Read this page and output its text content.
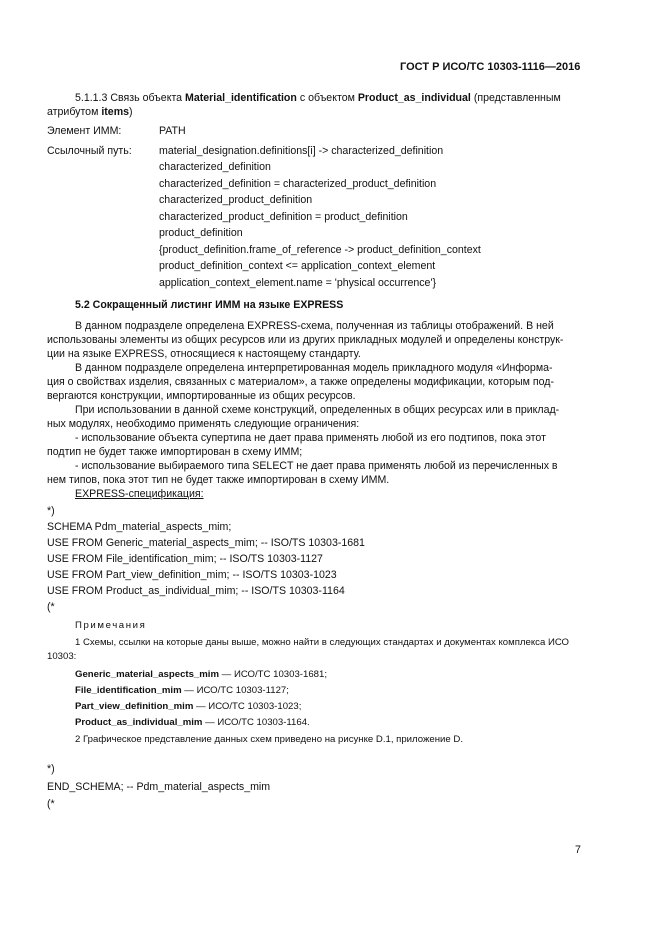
ГОСТ Р ИСО/ТС 10303-1116—2016
5.1.1.3 Связь объекта Material_identification с объектом Product_as_individual (представленным
атрибутом items)
Элемент ИММ:	PATH
Ссылочный путь:	material_designation.definitions[i] -> characterized_definition
characterized_definition
characterized_definition = characterized_product_definition
characterized_product_definition
characterized_product_definition = product_definition
product_definition
{product_definition.frame_of_reference -> product_definition_context
product_definition_context <= application_context_element
application_context_element.name = 'physical occurrence'}
5.2 Сокращенный листинг ИММ на языке EXPRESS
В данном подразделе определена EXPRESS-схема, полученная из таблицы отображений. В ней
использованы элементы из общих ресурсов или из других прикладных модулей и определены конструк-
ции на языке EXPRESS, относящиеся к настоящему стандарту.
В данном подразделе определена интерпретированная модель прикладного модуля «Информа-
ция о свойствах изделия, связанных с материалом», а также определены модификации, которым под-
вергаются конструкции, импортированные из общих ресурсов.
При использовании в данной схеме конструкций, определенных в общих ресурсах или в приклад-
ных модулях, необходимо применять следующие ограничения:
- использование объекта супертипа не дает права применять любой из его подтипов, пока этот
подтип не будет также импортирован в схему ИММ;
- использование выбираемого типа SELECT не дает права применять любой из перечисленных в
нем типов, пока этот тип не будет также импортирован в схему ИММ.
EXPRESS-спецификация:
*)
SCHEMA Pdm_material_aspects_mim;
USE FROM Generic_material_aspects_mim; -- ISO/TS 10303-1681
USE FROM File_identification_mim; -- ISO/TS 10303-1127
USE FROM Part_view_definition_mim; -- ISO/TS 10303-1023
USE FROM Product_as_individual_mim; -- ISO/TS 10303-1164
(*
Примечания
1 Схемы, ссылки на которые даны выше, можно найти в следующих стандартах и документах комплекса ИСО
10303:
Generic_material_aspects_mim — ИСО/ТС 10303-1681;
File_identification_mim — ИСО/ТС 10303-1127;
Part_view_definition_mim — ИСО/ТС 10303-1023;
Product_as_individual_mim — ИСО/ТС 10303-1164.
2 Графическое представление данных схем приведено на рисунке D.1, приложение D.
*)
END_SCHEMA; -- Pdm_material_aspects_mim
(*
7
